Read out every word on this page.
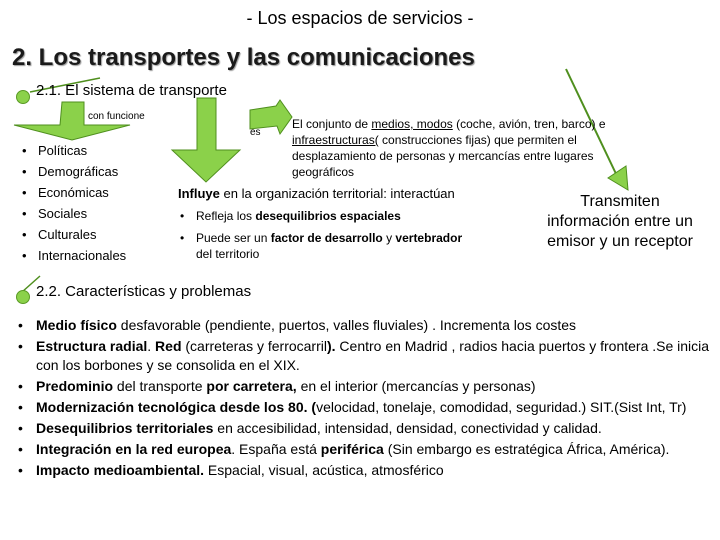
- Los espacios de servicios -
2. Los transportes y las comunicaciones
2.1. El sistema de transporte
con funcione
es
• Políticas
• Demográficas
• Económicas
• Sociales
• Culturales
• Internacionales
El conjunto de medios, modos (coche, avión, tren, barco) e infraestructuras( construcciones fijas) que permiten el desplazamiento de personas y mercancías entre lugares geográficos
Influye en la organización territorial: interactúan
• Refleja los desequilibrios espaciales
• Puede ser un factor de desarrollo y vertebrador del territorio
Transmiten información entre un emisor y un receptor
2.2. Características y problemas
• Medio físico desfavorable (pendiente, puertos, valles fluviales) . Incrementa los costes
• Estructura radial. Red (carreteras y ferrocarril). Centro en Madrid , radios hacia puertos y frontera .Se inicia con los borbones y se consolida en el XIX.
• Predominio del transporte por carretera, en el interior (mercancías y personas)
• Modernización tecnológica desde los 80. (velocidad, tonelaje, comodidad, seguridad.) SIT.(Sist Int, Tr)
• Desequilibrios territoriales en accesibilidad, intensidad, densidad, conectividad y calidad.
• Integración en la red europea. España está periférica (Sin embargo es estratégica África, América).
• Impacto medioambiental. Espacial, visual, acústica, atmosférico
